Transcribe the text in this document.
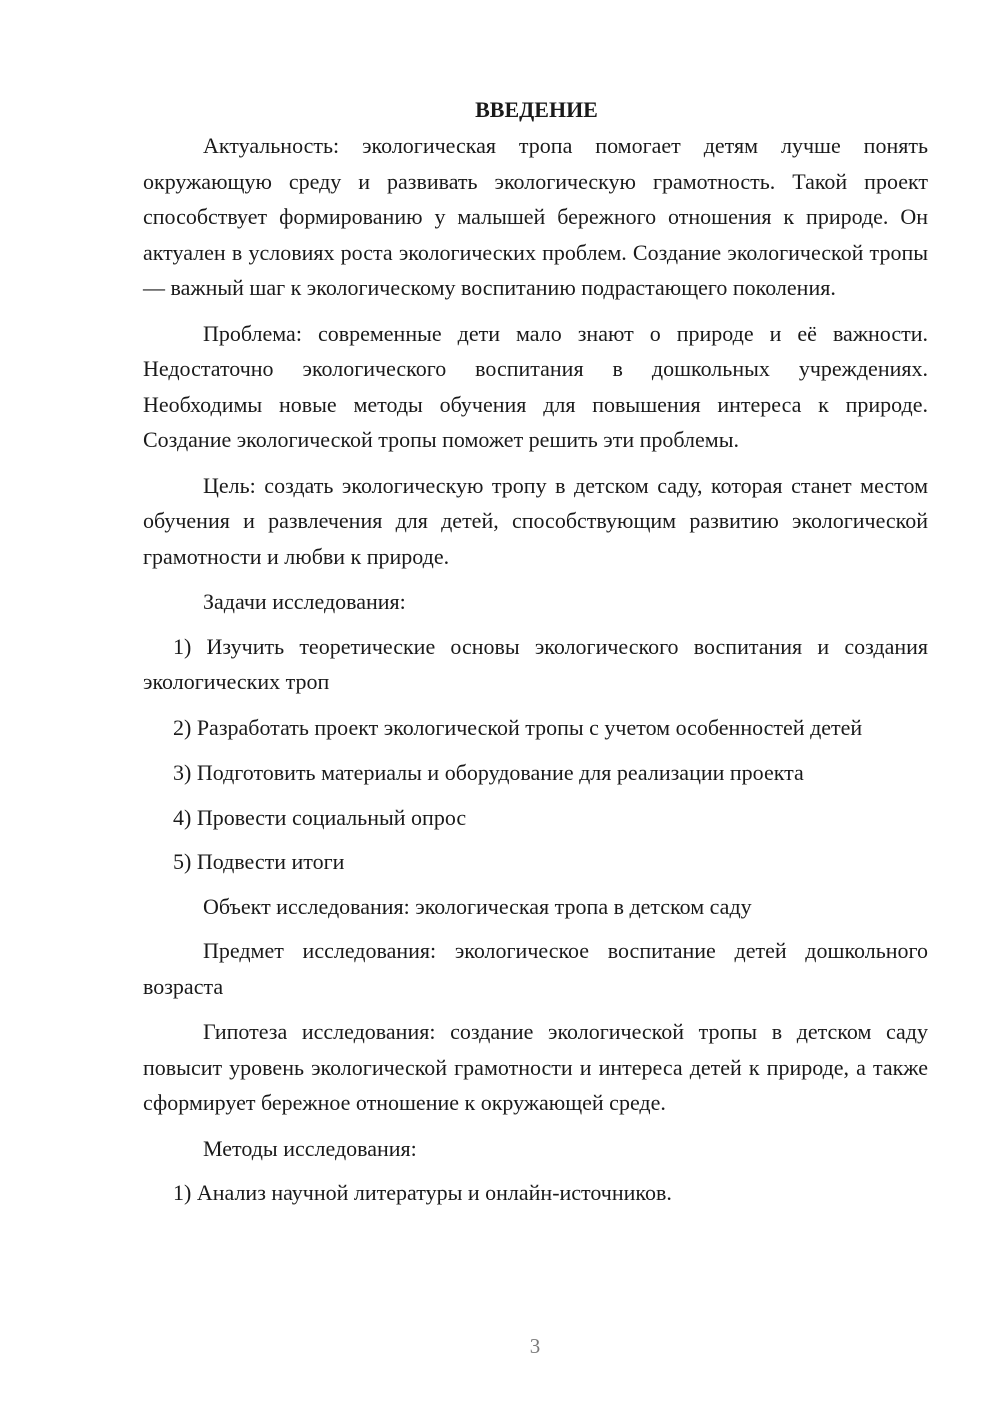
ВВЕДЕНИЕ

Актуальность: экологическая тропа помогает детям лучше понять окружающую среду и развивать экологическую грамотность. Такой проект способствует формированию у малышей бережного отношения к природе. Он актуален в условиях роста экологических проблем. Создание экологической тропы — важный шаг к экологическому воспитанию подрастающего поколения.

Проблема: современные дети мало знают о природе и её важности. Недостаточно экологического воспитания в дошкольных учреждениях. Необходимы новые методы обучения для повышения интереса к природе. Создание экологической тропы поможет решить эти проблемы.

Цель: создать экологическую тропу в детском саду, которая станет местом обучения и развлечения для детей, способствующим развитию экологической грамотности и любви к природе.

Задачи исследования:

1) Изучить теоретические основы экологического воспитания и создания экологических троп

2) Разработать проект экологической тропы с учетом особенностей детей

3) Подготовить материалы и оборудование для реализации проекта

4) Провести социальный опрос

5) Подвести итоги

Объект исследования: экологическая тропа в детском саду

Предмет исследования: экологическое воспитание детей дошкольного возраста

Гипотеза исследования: создание экологической тропы в детском саду повысит уровень экологической грамотности и интереса детей к природе, а также сформирует бережное отношение к окружающей среде.

Методы исследования:

1) Анализ научной литературы и онлайн-источников.

3
